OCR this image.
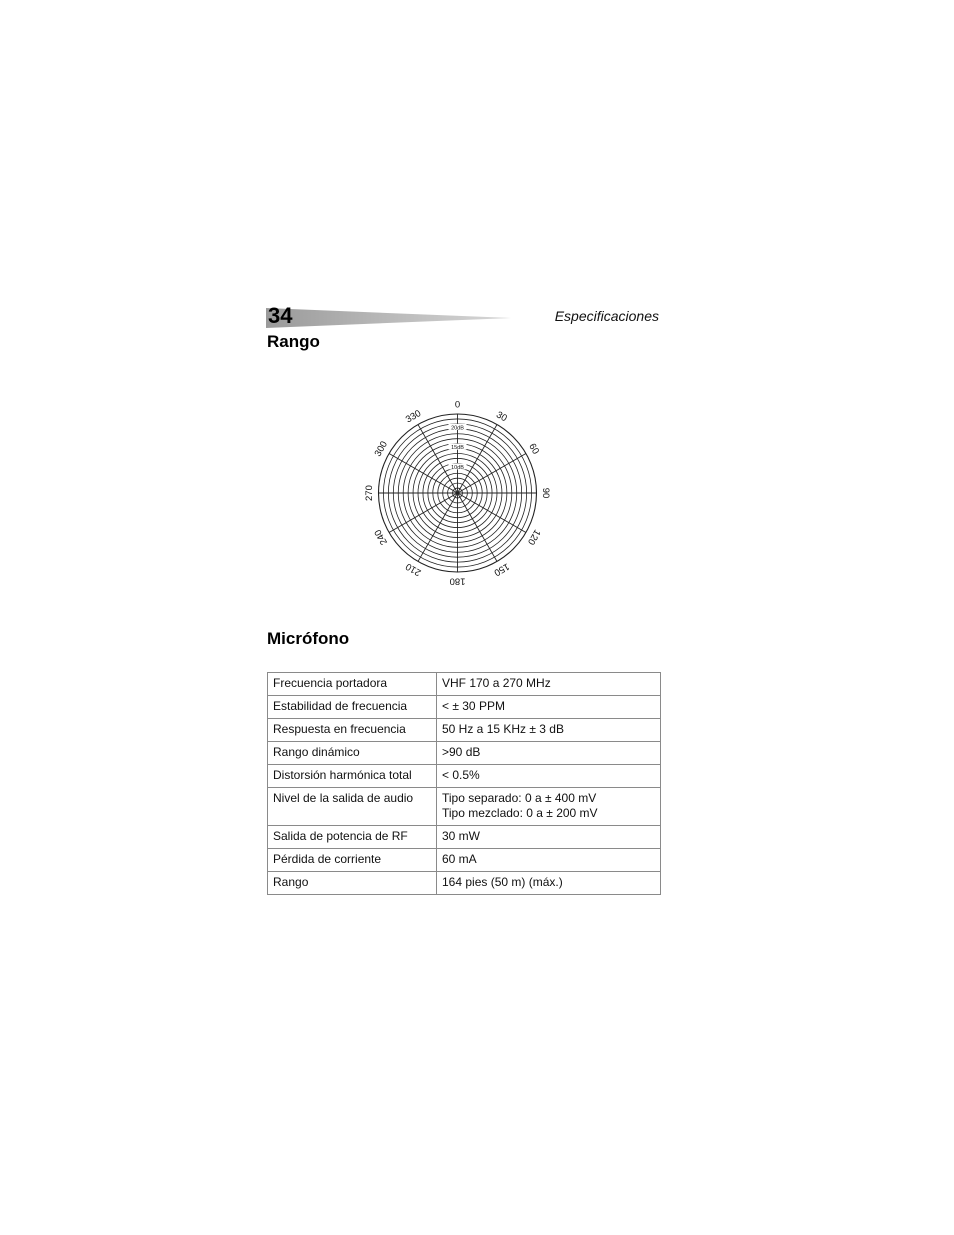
34	Especificaciones
Rango
20dB
15dB
10dB
0
30
60
90
120
150
180
210
240
270
300
330
Micrófono
Frecuencia portadora	VHF 170 a 270 MHz

Estabilidad de frecuencia	< ± 30 PPM

Respuesta en frecuencia	50 Hz a 15 KHz ± 3 dB

Rango dinámico	>90 dB

Distorsión harmónica total	< 0.5%

Nivel de la salida de audio	Tipo separado: 0 a ± 400 mV
Tipo mezclado: 0 a ± 200 mV

Salida de potencia de RF	30 mW

Pérdida de corriente	60 mA

Rango	164 pies (50 m) (máx.)
